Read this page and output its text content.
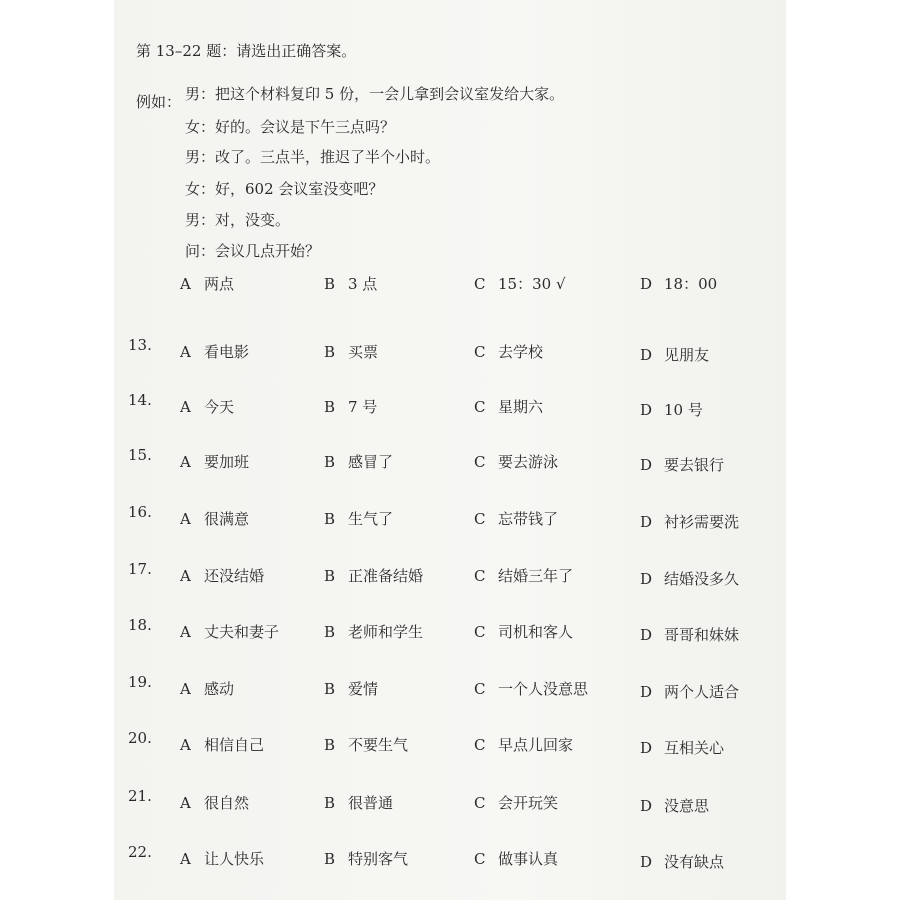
第 13–22 题：请选出正确答案。
例如： 男：把这个材料复印 5 份，一会儿拿到会议室发给大家。
女：好的。会议是下午三点吗？
男：改了。三点半，推迟了半个小时。
女：好，602 会议室没变吧？
男：对，没变。
问：会议几点开始？
A 两点	B 3 点	C 15：30 √	D 18：00
13. A 看电影	B 买票	C 去学校	D 见朋友
14. A 今天	B 7 号	C 星期六	D 10 号
15. A 要加班	B 感冒了	C 要去游泳	D 要去银行
16. A 很满意	B 生气了	C 忘带钱了	D 衬衫需要洗
17. A 还没结婚	B 正准备结婚	C 结婚三年了	D 结婚没多久
18. A 丈夫和妻子	B 老师和学生	C 司机和客人	D 哥哥和妹妹
19. A 感动	B 爱情	C 一个人没意思	D 两个人适合
20. A 相信自己	B 不要生气	C 早点儿回家	D 互相关心
21. A 很自然	B 很普通	C 会开玩笑	D 没意思
22. A 让人快乐	B 特别客气	C 做事认真	D 没有缺点
